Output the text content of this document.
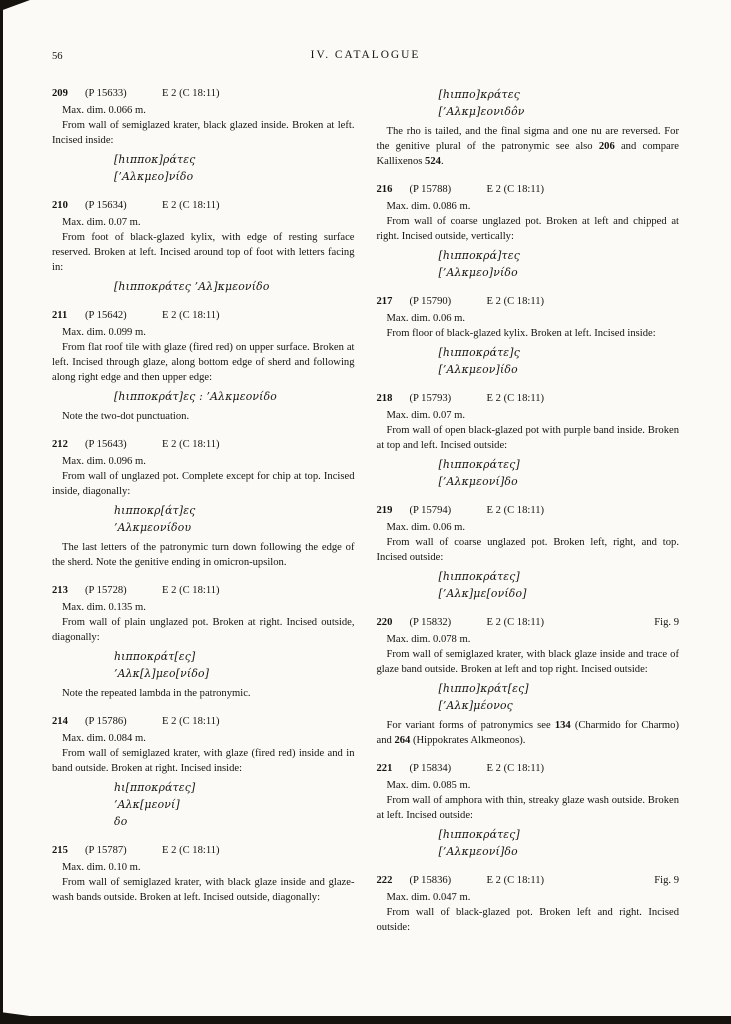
56	IV. CATALOGUE
209	(P 15633)	E 2 (C 18:11)
Max. dim. 0.066 m.
From wall of semiglazed krater, black glazed inside. Broken at left. Incised inside:
[hιπποκ]ράτες
[’Αλκμεο]νίδο
210	(P 15634)	E 2 (C 18:11)
Max. dim. 0.07 m.
From foot of black-glazed kylix, with edge of resting surface reserved. Broken at left. Incised around top of foot with letters facing in:
[hιπποκράτες ’Αλ]κμεονίδο
211	(P 15642)	E 2 (C 18:11)
Max. dim. 0.099 m.
From flat roof tile with glaze (fired red) on upper surface. Broken at left. Incised through glaze, along bottom edge of sherd and following along right edge and then upper edge:
[hιπποκράτ]ες : ’Αλκμεονίδο
Note the two-dot punctuation.
212	(P 15643)	E 2 (C 18:11)
Max. dim. 0.096 m.
From wall of unglazed pot. Complete except for chip at top. Incised inside, diagonally:
hιπποκρ[άτ]ες
’Αλκμεονίδου
The last letters of the patronymic turn down following the edge of the sherd. Note the genitive ending in omicron-upsilon.
213	(P 15728)	E 2 (C 18:11)
Max. dim. 0.135 m.
From wall of plain unglazed pot. Broken at right. Incised outside, diagonally:
hιπποκράτ[ες]
’Αλκ[λ]μεο[νίδο]
Note the repeated lambda in the patronymic.
214	(P 15786)	E 2 (C 18:11)
Max. dim. 0.084 m.
From wall of semiglazed krater, with glaze (fired red) inside and in band outside. Broken at right. Incised inside:
hι[πποκράτες]
’Αλκ[μεονί]
δο
215	(P 15787)	E 2 (C 18:11)
Max. dim. 0.10 m.
From wall of semiglazed krater, with black glaze inside and glaze-wash bands outside. Broken at left. Incised outside, diagonally:
[hιππο]κράτες
[’Αλκμ]εονιδôν
The rho is tailed, and the final sigma and one nu are reversed. For the genitive plural of the patronymic see also 206 and compare Kallixenos 524.
216	(P 15788)	E 2 (C 18:11)
Max. dim. 0.086 m.
From wall of coarse unglazed pot. Broken at left and chipped at right. Incised outside, vertically:
[hιπποκρά]τες
[’Αλκμεο]νίδο
217	(P 15790)	E 2 (C 18:11)
Max. dim. 0.06 m.
From floor of black-glazed kylix. Broken at left. Incised inside:
[hιπποκράτε]ς
[’Αλκμεον]ίδο
218	(P 15793)	E 2 (C 18:11)
Max. dim. 0.07 m.
From wall of open black-glazed pot with purple band inside. Broken at top and left. Incised outside:
[hιπποκράτες]
[’Αλκμεονί]δο
219	(P 15794)	E 2 (C 18:11)
Max. dim. 0.06 m.
From wall of coarse unglazed pot. Broken left, right, and top. Incised outside:
[hιπποκράτες]
[’Αλκ]με[ονίδο]
220	(P 15832)	E 2 (C 18:11)	Fig. 9
Max. dim. 0.078 m.
From wall of semiglazed krater, with black glaze inside and trace of glaze band outside. Broken at left and top right. Incised outside:
[hιππο]κράτ[ες]
[’Αλκ]μέονος
For variant forms of patronymics see 134 (Charmido for Charmo) and 264 (Hippokrates Alkmeonos).
221	(P 15834)	E 2 (C 18:11)
Max. dim. 0.085 m.
From wall of amphora with thin, streaky glaze wash outside. Broken at left. Incised outside:
[hιπποκράτες]
[’Αλκμεονί]δο
222	(P 15836)	E 2 (C 18:11)	Fig. 9
Max. dim. 0.047 m.
From wall of black-glazed pot. Broken left and right. Incised outside:
